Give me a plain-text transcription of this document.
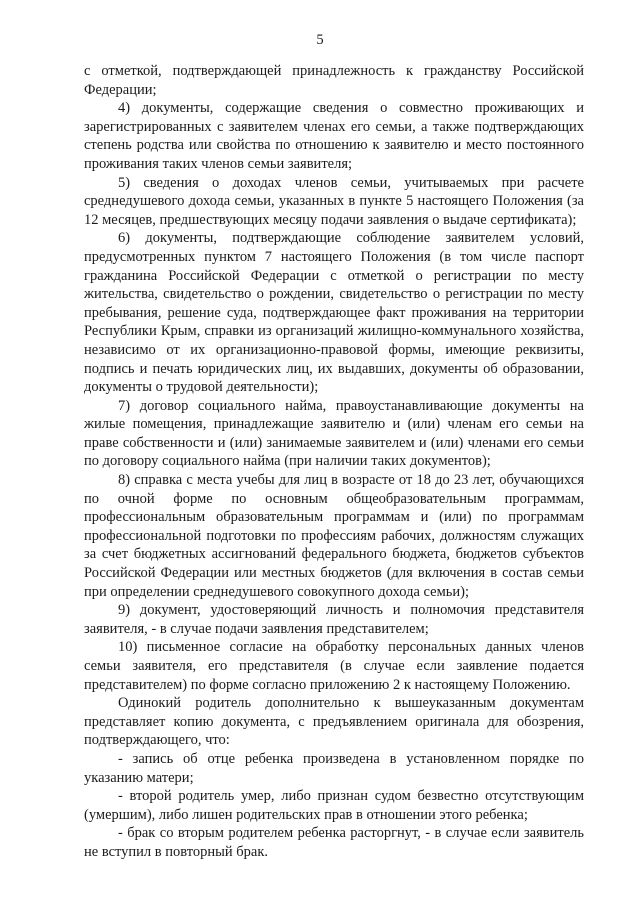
5

с отметкой, подтверждающей принадлежность к гражданству Российской Федерации;

4) документы, содержащие сведения о совместно проживающих и зарегистрированных с заявителем членах его семьи, а также подтверждающих степень родства или свойства по отношению к заявителю и место постоянного проживания таких членов семьи заявителя;

5) сведения о доходах членов семьи, учитываемых при расчете среднедушевого дохода семьи, указанных в пункте 5 настоящего Положения (за 12 месяцев, предшествующих месяцу подачи заявления о выдаче сертификата);

6) документы, подтверждающие соблюдение заявителем условий, предусмотренных пунктом 7 настоящего Положения (в том числе паспорт гражданина Российской Федерации с отметкой о регистрации по месту жительства, свидетельство о рождении, свидетельство о регистрации по месту пребывания, решение суда, подтверждающее факт проживания на территории Республики Крым, справки из организаций жилищно-коммунального хозяйства, независимо от их организационно-правовой формы, имеющие реквизиты, подпись и печать юридических лиц, их выдавших, документы об образовании, документы о трудовой деятельности);

7) договор социального найма, правоустанавливающие документы на жилые помещения, принадлежащие заявителю и (или) членам его семьи на праве собственности и (или) занимаемые заявителем и (или) членами его семьи по договору социального найма (при наличии таких документов);

8) справка с места учебы для лиц в возрасте от 18 до 23 лет, обучающихся по очной форме по основным общеобразовательным программам, профессиональным образовательным программам и (или) по программам профессиональной подготовки по профессиям рабочих, должностям служащих за счет бюджетных ассигнований федерального бюджета, бюджетов субъектов Российской Федерации или местных бюджетов (для включения в состав семьи при определении среднедушевого совокупного дохода семьи);

9) документ, удостоверяющий личность и полномочия представителя заявителя, - в случае подачи заявления представителем;

10) письменное согласие на обработку персональных данных членов семьи заявителя, его представителя (в случае если заявление подается представителем) по форме согласно приложению 2 к настоящему Положению.

Одинокий родитель дополнительно к вышеуказанным документам представляет копию документа, с предъявлением оригинала для обозрения, подтверждающего, что:

- запись об отце ребенка произведена в установленном порядке по указанию матери;

- второй родитель умер, либо признан судом безвестно отсутствующим (умершим), либо лишен родительских прав в отношении этого ребенка;

- брак со вторым родителем ребенка расторгнут, - в случае если заявитель не вступил в повторный брак.
